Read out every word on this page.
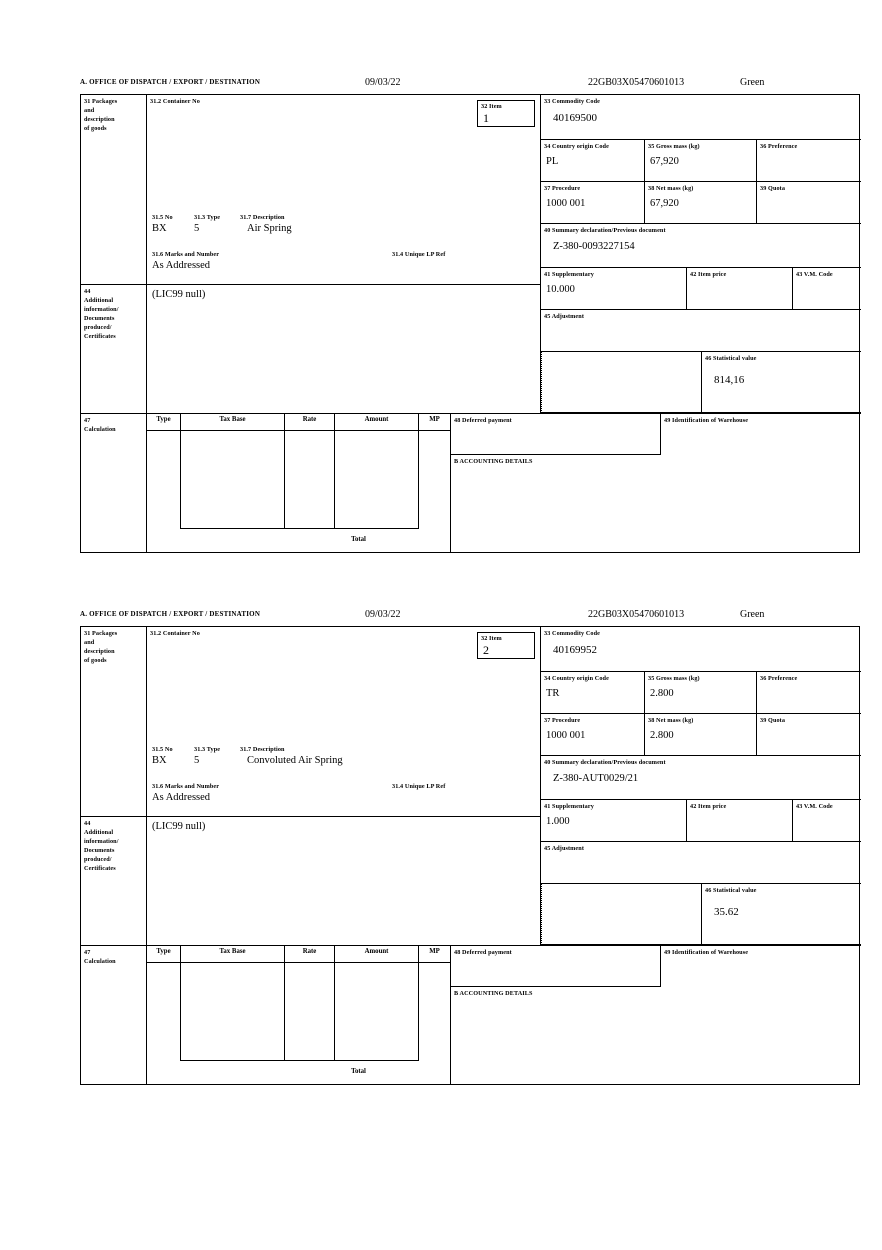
A. OFFICE OF DISPATCH / EXPORT / DESTINATION	09/03/22	22GB03X05470601013	Green
31 Packages
and
description
of goods
44
Additional
information/
Documents
produced/
Certificates
47
Calculation
31.2 Container No
31.5 No	31.3 Type	31.7 Description
BX	5	Air Spring
31.6 Marks and Number	31.4 Unique LP Ref
As Addressed
32 Item
1
(LIC99 null)
33 Commodity Code
40169500
34 Country origin Code
PL
35 Gross mass (kg)
67,920
36 Preference
37 Procedure
1000 001
38 Net mass (kg)
67,920
39 Quota
40 Summary declaration/Previous document
Z-380-0093227154
41 Supplementary
10.000
42 Item price	43 V.M. Code
45 Adjustment
46 Statistical value
814,16
Type	Tax Base	Rate	Amount	MP
Total
48 Deferred payment	49 Identification of Warehouse
B ACCOUNTING DETAILS
A. OFFICE OF DISPATCH / EXPORT / DESTINATION	09/03/22	22GB03X05470601013	Green
31 Packages
and
description
of goods
44
Additional
information/
Documents
produced/
Certificates
47
Calculation
31.2 Container No
31.5 No	31.3 Type	31.7 Description
BX	5	Convoluted Air Spring
31.6 Marks and Number	31.4 Unique LP Ref
As Addressed
32 Item
2
(LIC99 null)
33 Commodity Code
40169952
34 Country origin Code
TR
35 Gross mass (kg)
2.800
36 Preference
37 Procedure
1000 001
38 Net mass (kg)
2.800
39 Quota
40 Summary declaration/Previous document
Z-380-AUT0029/21
41 Supplementary
1.000
42 Item price	43 V.M. Code
45 Adjustment
46 Statistical value
35.62
Type	Tax Base	Rate	Amount	MP
Total
48 Deferred payment	49 Identification of Warehouse
B ACCOUNTING DETAILS
